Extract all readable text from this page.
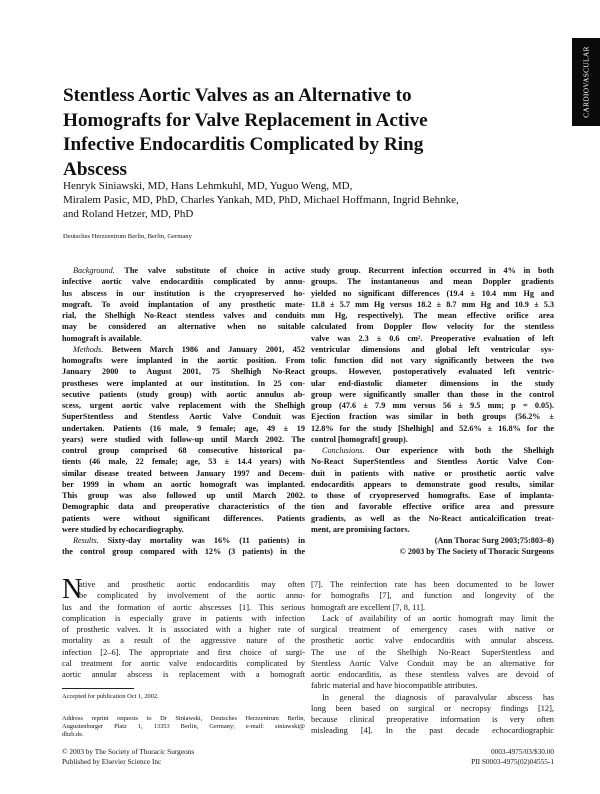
CARDIOVASCULAR
Stentless Aortic Valves as an Alternative to
Homografts for Valve Replacement in Active
Infective Endocarditis Complicated by Ring
Abscess
Henryk Siniawski, MD, Hans Lehmkuhl, MD, Yuguo Weng, MD,
Miralem Pasic, MD, PhD, Charles Yankah, MD, PhD, Michael Hoffmann, Ingrid Behnke,
and Roland Hetzer, MD, PhD
Deutsches Herzzentrum Berlin, Berlin, Germany
Background. The valve substitute of choice in active
infective aortic valve endocarditis complicated by annu-
lus abscess in our institution is the cryopreserved ho-
mograft. To avoid implantation of any prosthetic mate-
rial, the Shelhigh No-React stentless valves and conduits
may be considered an alternative when no suitable
homograft is available.
Methods. Between March 1986 and January 2001, 452
homografts were implanted in the aortic position. From
January 2000 to August 2001, 75 Shelhigh No-React
prostheses were implanted at our institution. In 25 con-
secutive patients (study group) with aortic annulus ab-
scess, urgent aortic valve replacement with the Shelhigh
SuperStentless and Stentless Aortic Valve Conduit was
undertaken. Patients (16 male, 9 female; age, 49 ± 19
years) were studied with follow-up until March 2002. The
control group comprised 68 consecutive historical pa-
tients (46 male, 22 female; age, 53 ± 14.4 years) with
similar disease treated between January 1997 and Decem-
ber 1999 in whom an aortic homograft was implanted.
This group was also followed up until March 2002.
Demographic data and preoperative characteristics of the
patients were without significant differences. Patients
were studied by echocardiography.
Results. Sixty-day mortality was 16% (11 patients) in
the control group compared with 12% (3 patients) in the
study group. Recurrent infection occurred in 4% in both
groups. The instantaneous and mean Doppler gradients
yielded no significant differences (19.4 ± 10.4 mm Hg and
11.8 ± 5.7 mm Hg versus 18.2 ± 8.7 mm Hg and 10.9 ± 5.3
mm Hg, respectively). The mean effective orifice area
calculated from Doppler flow velocity for the stentless
valve was 2.3 ± 0.6 cm². Preoperative evaluation of left
ventricular dimensions and global left ventricular sys-
tolic function did not vary significantly between the two
groups. However, postoperatively evaluated left ventric-
ular end-diastolic diameter dimensions in the study
group were significantly smaller than those in the control
group (47.6 ± 7.9 mm versus 56 ± 9.5 mm; p = 0.05).
Ejection fraction was similar in both groups (56.2% ±
12.8% for the study [Shelhigh] and 52.6% ± 16.8% for the
control [homograft] group).
Conclusions. Our experience with both the Shelhigh
No-React SuperStentless and Stentless Aortic Valve Con-
duit in patients with native or prosthetic aortic valve
endocarditis appears to demonstrate good results, similar
to those of cryopreserved homografts. Ease of implanta-
tion and favorable effective orifice area and pressure
gradients, as well as the No-React anticalcification treat-
ment, are promising factors.
(Ann Thorac Surg 2003;75:803–8)
© 2003 by The Society of Thoracic Surgeons
N
ative and prosthetic aortic endocarditis may often
be complicated by involvement of the aortic annu-
lus and the formation of aortic abscesses [1]. This serious
complication is especially grave in patients with infection
of prosthetic valves. It is associated with a higher rate of
mortality as a result of the aggressive nature of the
infection [2–6]. The appropriate and first choice of surgi-
cal treatment for aortic valve endocarditis complicated by
aortic annular abscess is replacement with a homograft
[7]. The reinfection rate has been documented to be lower
for homografts [7], and function and longevity of the
homograft are excellent [7, 8, 11].
Lack of availability of an aortic homograft may limit the
surgical treatment of emergency cases with native or
prosthetic aortic valve endocarditis with annular abscess.
The use of the Shelhigh No-React SuperStentless and
Stentless Aortic Valve Conduit may be an alternative for
aortic endocarditis, as these stentless valves are devoid of
fabric material and have biocompatible attributes.
In general the diagnosis of paravalvular abscess has
long been based on surgical or necropsy findings [12],
because clinical preoperative information is very often
misleading [4]. In the past decade echocardiographic
Accepted for publication Oct 1, 2002.
Address reprint requests to Dr Siniawski, Deutsches Herzzentrum Berlin,
Augustenburger Platz 1, 13353 Berlin, Germany; e-mail: siniawski@
dhzb.de.
© 2003 by The Society of Thoracic Surgeons
Published by Elsevier Science Inc
0003-4975/03/$30.00
PII S0003-4975(02)04555-1
